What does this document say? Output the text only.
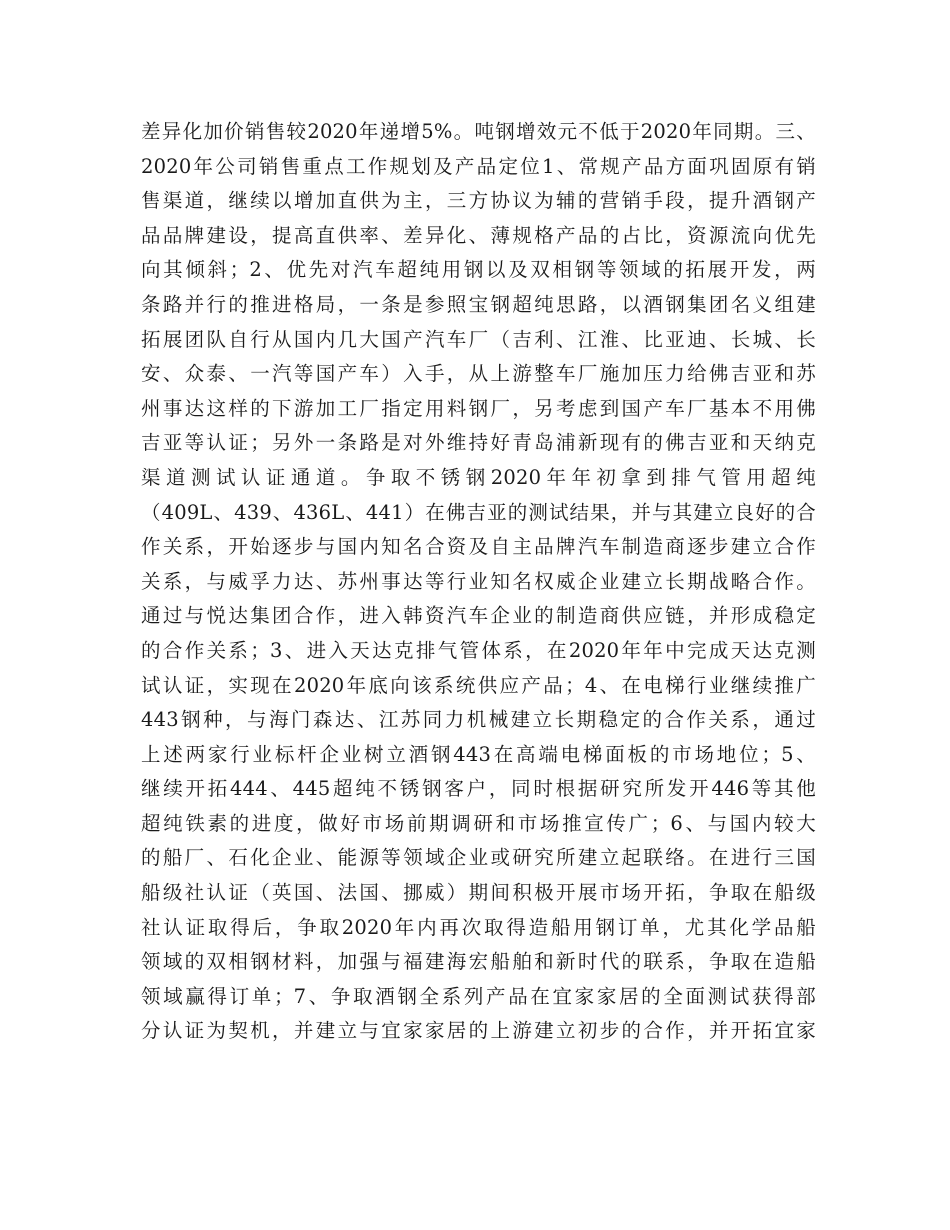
差异化加价销售较2020年递增5%。吨钢增效元不低于2020年同期。三、
2020年公司销售重点工作规划及产品定位1、常规产品方面巩固原有销
售渠道，继续以增加直供为主，三方协议为辅的营销手段，提升酒钢产
品品牌建设，提高直供率、差异化、薄规格产品的占比，资源流向优先
向其倾斜；2、优先对汽车超纯用钢以及双相钢等领域的拓展开发，两
条路并行的推进格局，一条是参照宝钢超纯思路，以酒钢集团名义组建
拓展团队自行从国内几大国产汽车厂（吉利、江淮、比亚迪、长城、长
安、众泰、一汽等国产车）入手，从上游整车厂施加压力给佛吉亚和苏
州事达这样的下游加工厂指定用料钢厂，另考虑到国产车厂基本不用佛
吉亚等认证；另外一条路是对外维持好青岛浦新现有的佛吉亚和天纳克
渠道测试认证通道。争取不锈钢2020年年初拿到排气管用超纯
（409L、439、436L、441）在佛吉亚的测试结果，并与其建立良好的合
作关系，开始逐步与国内知名合资及自主品牌汽车制造商逐步建立合作
关系，与威孚力达、苏州事达等行业知名权威企业建立长期战略合作。
通过与悦达集团合作，进入韩资汽车企业的制造商供应链，并形成稳定
的合作关系；3、进入天达克排气管体系，在2020年年中完成天达克测
试认证，实现在2020年底向该系统供应产品；4、在电梯行业继续推广
443钢种，与海门森达、江苏同力机械建立长期稳定的合作关系，通过
上述两家行业标杆企业树立酒钢443在高端电梯面板的市场地位；5、
继续开拓444、445超纯不锈钢客户，同时根据研究所发开446等其他
超纯铁素的进度，做好市场前期调研和市场推宣传广；6、与国内较大
的船厂、石化企业、能源等领域企业或研究所建立起联络。在进行三国
船级社认证（英国、法国、挪威）期间积极开展市场开拓，争取在船级
社认证取得后，争取2020年内再次取得造船用钢订单，尤其化学品船
领域的双相钢材料，加强与福建海宏船舶和新时代的联系，争取在造船
领域赢得订单；7、争取酒钢全系列产品在宜家家居的全面测试获得部
分认证为契机，并建立与宜家家居的上游建立初步的合作，并开拓宜家
